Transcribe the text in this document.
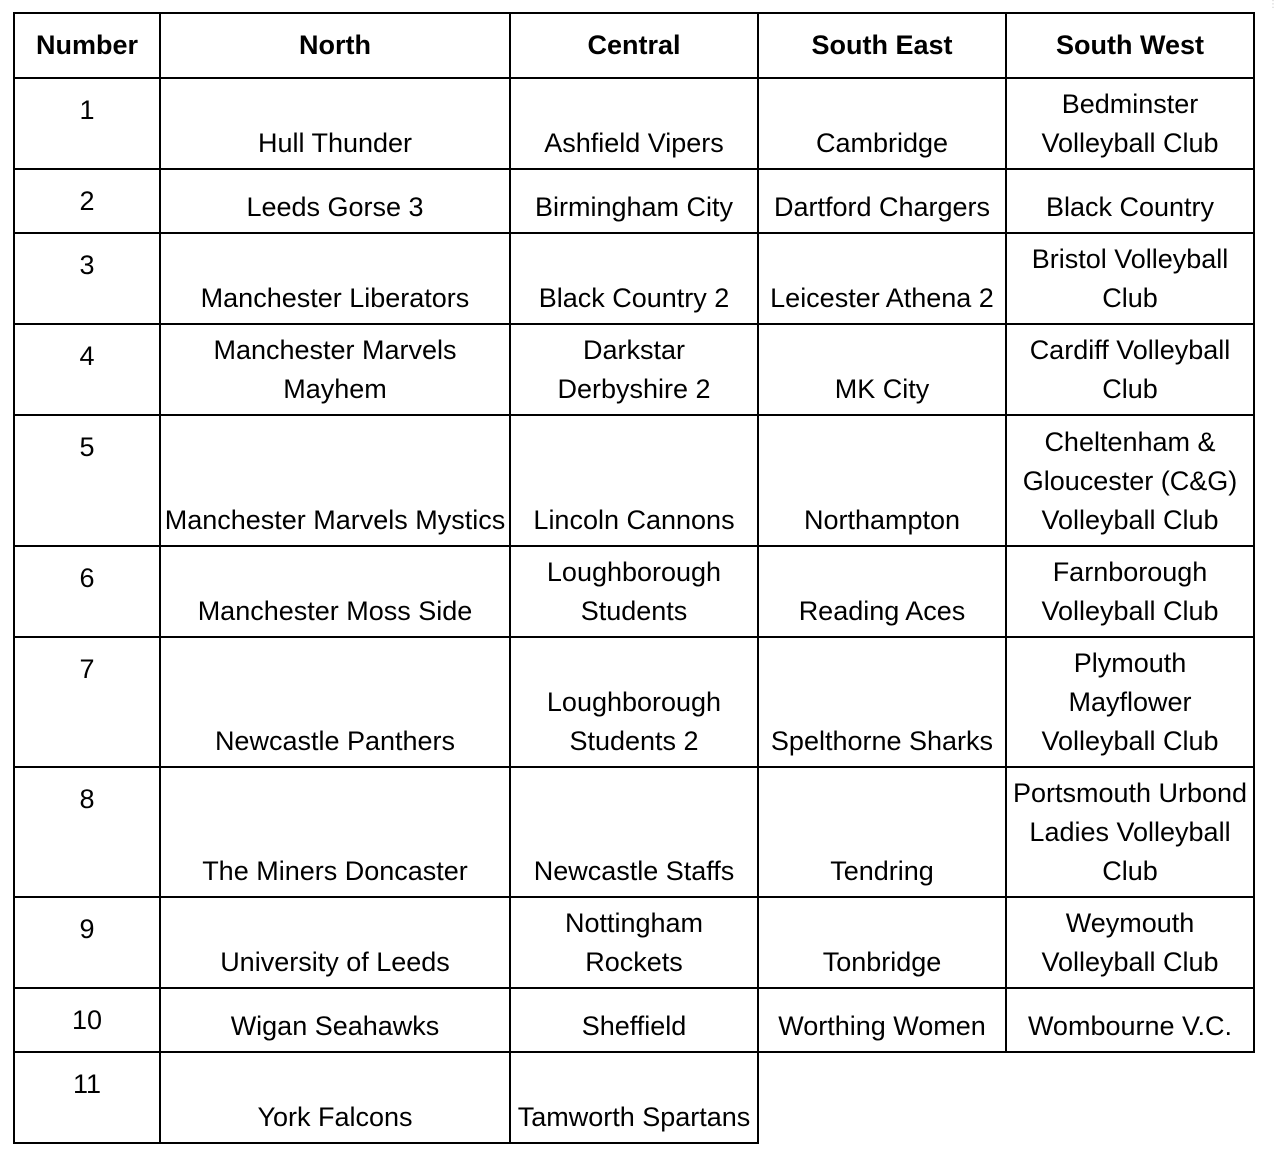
Number	North	Central	South East	South West
1	Hull Thunder	Ashfield Vipers	Cambridge	Bedminster Volleyball Club
2	Leeds Gorse 3	Birmingham City	Dartford Chargers	Black Country
3	Manchester Liberators	Black Country 2	Leicester Athena 2	Bristol Volleyball Club
4	Manchester Marvels Mayhem	Darkstar Derbyshire 2	MK City	Cardiff Volleyball Club
5	Manchester Marvels Mystics	Lincoln Cannons	Northampton	Cheltenham & Gloucester (C&G) Volleyball Club
6	Manchester Moss Side	Loughborough Students	Reading Aces	Farnborough Volleyball Club
7	Newcastle Panthers	Loughborough Students 2	Spelthorne Sharks	Plymouth Mayflower Volleyball Club
8	The Miners Doncaster	Newcastle Staffs	Tendring	Portsmouth Urbond Ladies Volleyball Club
9	University of Leeds	Nottingham Rockets	Tonbridge	Weymouth Volleyball Club
10	Wigan Seahawks	Sheffield	Worthing Women	Wombourne V.C.
11	York Falcons	Tamworth Spartans		
⋮
